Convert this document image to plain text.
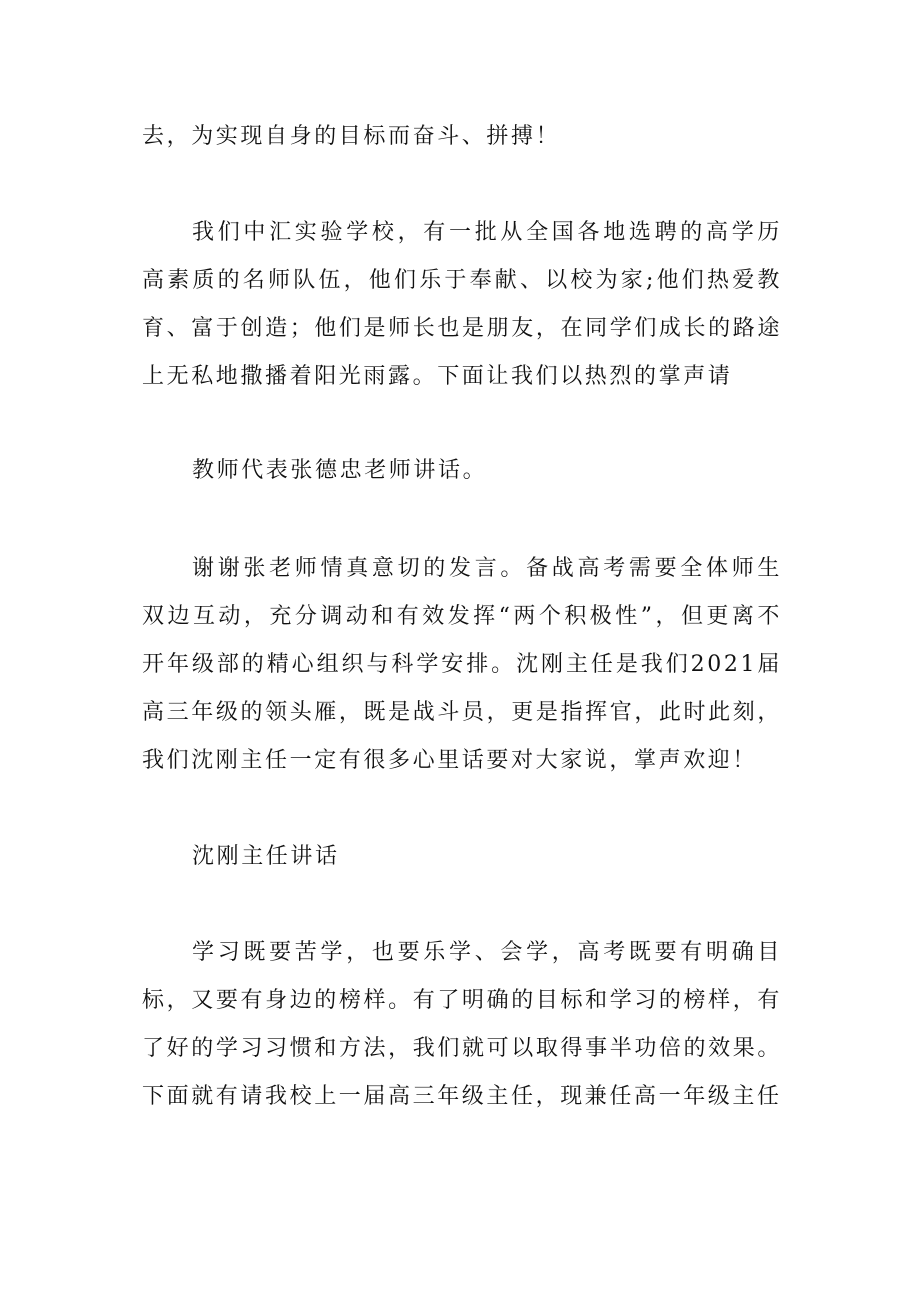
去，为实现自身的目标而奋斗、拼搏！

我们中汇实验学校，有一批从全国各地选聘的高学历高素质的名师队伍，他们乐于奉献、以校为家;他们热爱教育、富于创造；他们是师长也是朋友，在同学们成长的路途上无私地撒播着阳光雨露。下面让我们以热烈的掌声请

教师代表张德忠老师讲话。

谢谢张老师情真意切的发言。备战高考需要全体师生双边互动，充分调动和有效发挥“两个积极性”，但更离不开年级部的精心组织与科学安排。沈刚主任是我们2021届高三年级的领头雁，既是战斗员，更是指挥官，此时此刻，我们沈刚主任一定有很多心里话要对大家说，掌声欢迎！

沈刚主任讲话

学习既要苦学，也要乐学、会学，高考既要有明确目标，又要有身边的榜样。有了明确的目标和学习的榜样，有了好的学习习惯和方法，我们就可以取得事半功倍的效果。下面就有请我校上一届高三年级主任，现兼任高一年级主任
